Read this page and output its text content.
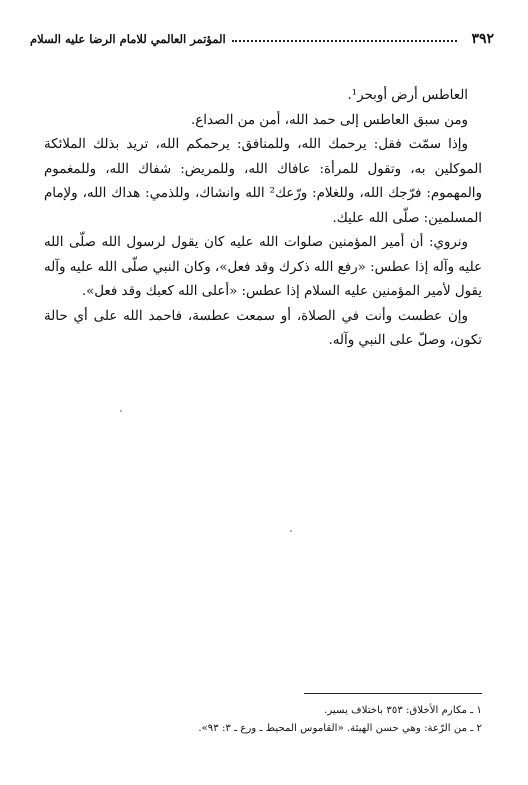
٣٩٢
المؤتمر العالمي للامام الرضا عليه السلام

العاطس أرض أوبحر¹.

ومن سبق العاطس إلى حمد الله، أمن من الصداع.

وإذا سمّت فقل: يرحمك الله، وللمنافق: يرحمكم الله، تريد بذلك الملائكة الموكلين به، وتقول للمرأة: عافاك الله، وللمريض: شفاك الله، وللمغموم والمهموم: فرّجك الله، وللغلام: ورّعك² الله وانشاك، وللذمي: هداك الله، ولإمام المسلمين: صلّى الله عليك.

ونروي: أن أمير المؤمنين صلوات الله عليه كان يقول لرسول الله صلّى الله عليه وآله إذا عطس: «رفع الله ذكرك وقد فعل»، وكان النبي صلّى الله عليه وآله يقول لأمير المؤمنين عليه السلام إذا عطس: «أعلى الله كعبك وقد فعل».

وإن عطست وأنت في الصلاة، أو سمعت عطسة، فاحمد الله على أي حالة تكون، وصلّ على النبي وآله.

١ ـ مكارم الأخلاق: ٣٥٣ باختلاف يسير.

٢ ـ من الرّعة: وهي حسن الهيئة. «القاموس المحيط ـ ورع ـ ٣: ٩٣».
